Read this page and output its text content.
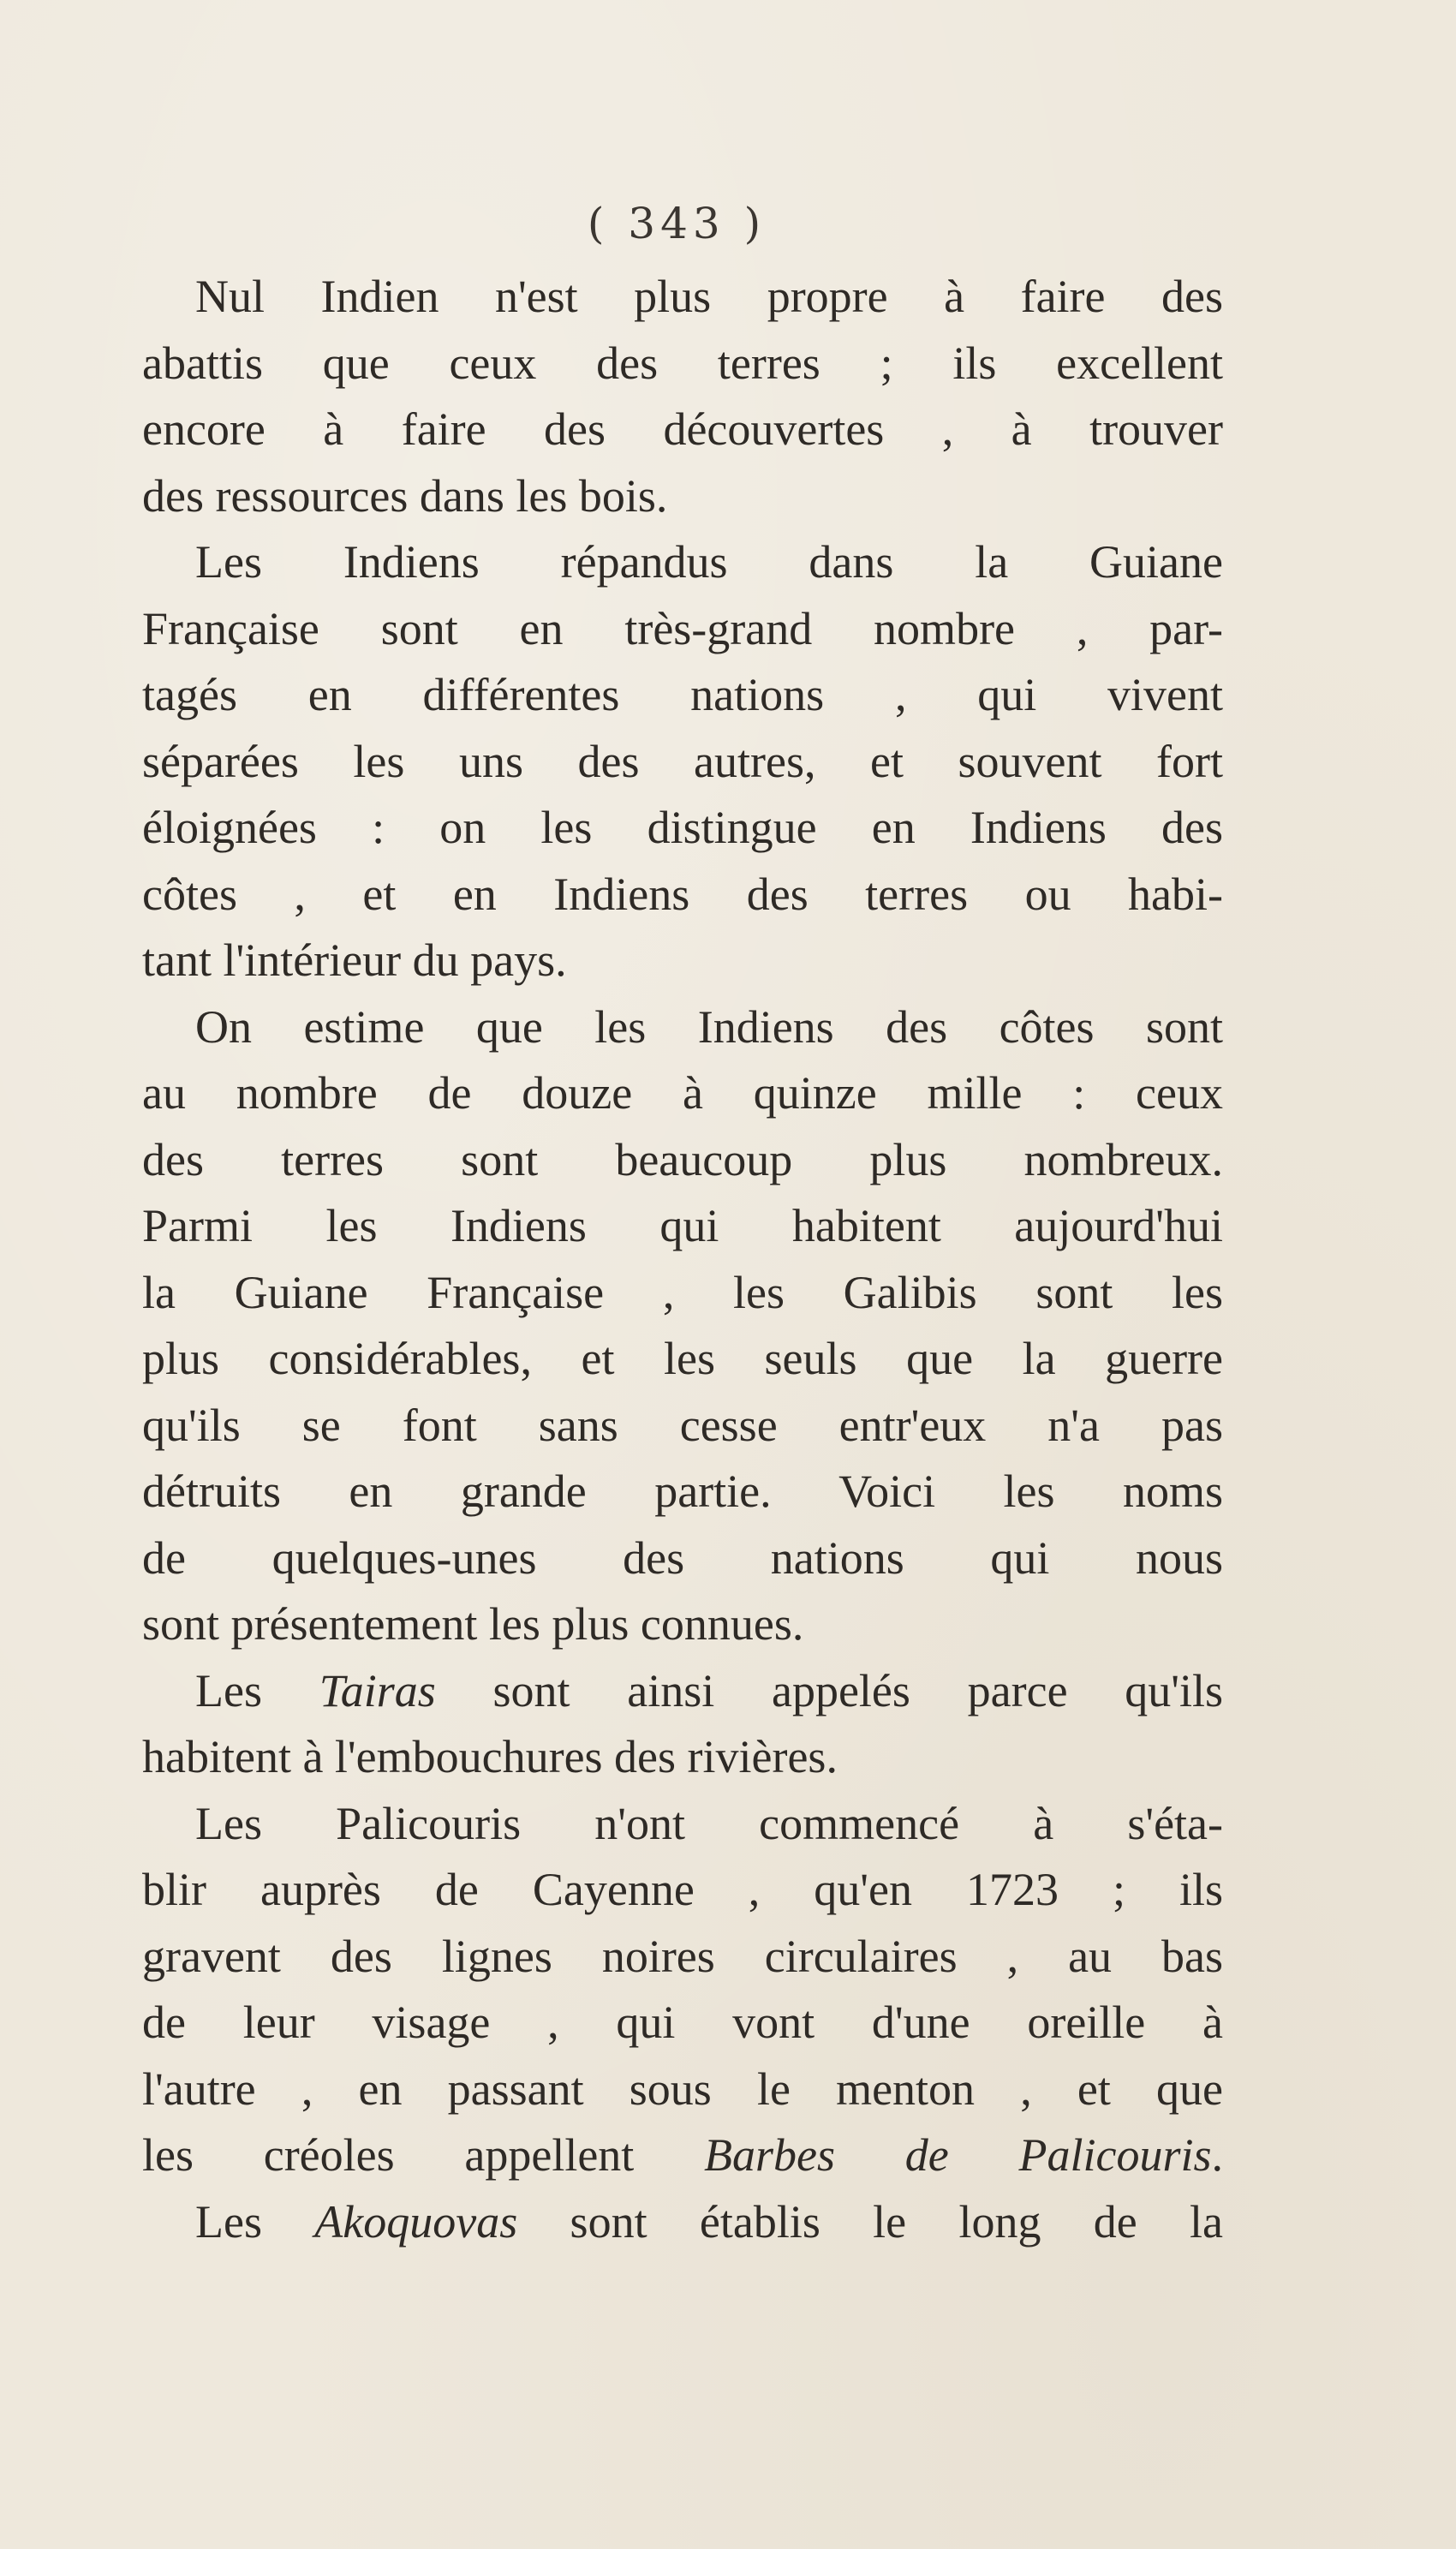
( 343 )
Nul Indien n'est plus propre à faire des
abattis que ceux des terres ; ils excellent
encore à faire des découvertes , à trouver
des ressources dans les bois.
Les Indiens répandus dans la Guiane
Française sont en très-grand nombre , par-
tagés en différentes nations , qui vivent
séparées les uns des autres, et souvent fort
éloignées : on les distingue en Indiens des
côtes , et en Indiens des terres ou habi-
tant l'intérieur du pays.
On estime que les Indiens des côtes sont
au nombre de douze à quinze mille : ceux
des terres sont beaucoup plus nombreux.
Parmi les Indiens qui habitent aujourd'hui
la Guiane Française , les Galibis sont les
plus considérables, et les seuls que la guerre
qu'ils se font sans cesse entr'eux n'a pas
détruits en grande partie. Voici les noms
de quelques-unes des nations qui nous
sont présentement les plus connues.
Les Tairas sont ainsi appelés parce qu'ils
habitent à l'embouchures des rivières.
Les Palicouris n'ont commencé à s'éta-
blir auprès de Cayenne , qu'en 1723 ; ils
gravent des lignes noires circulaires , au bas
de leur visage , qui vont d'une oreille à
l'autre , en passant sous le menton , et que
les créoles appellent Barbes de Palicouris.
Les Akoquovas sont établis le long de la
